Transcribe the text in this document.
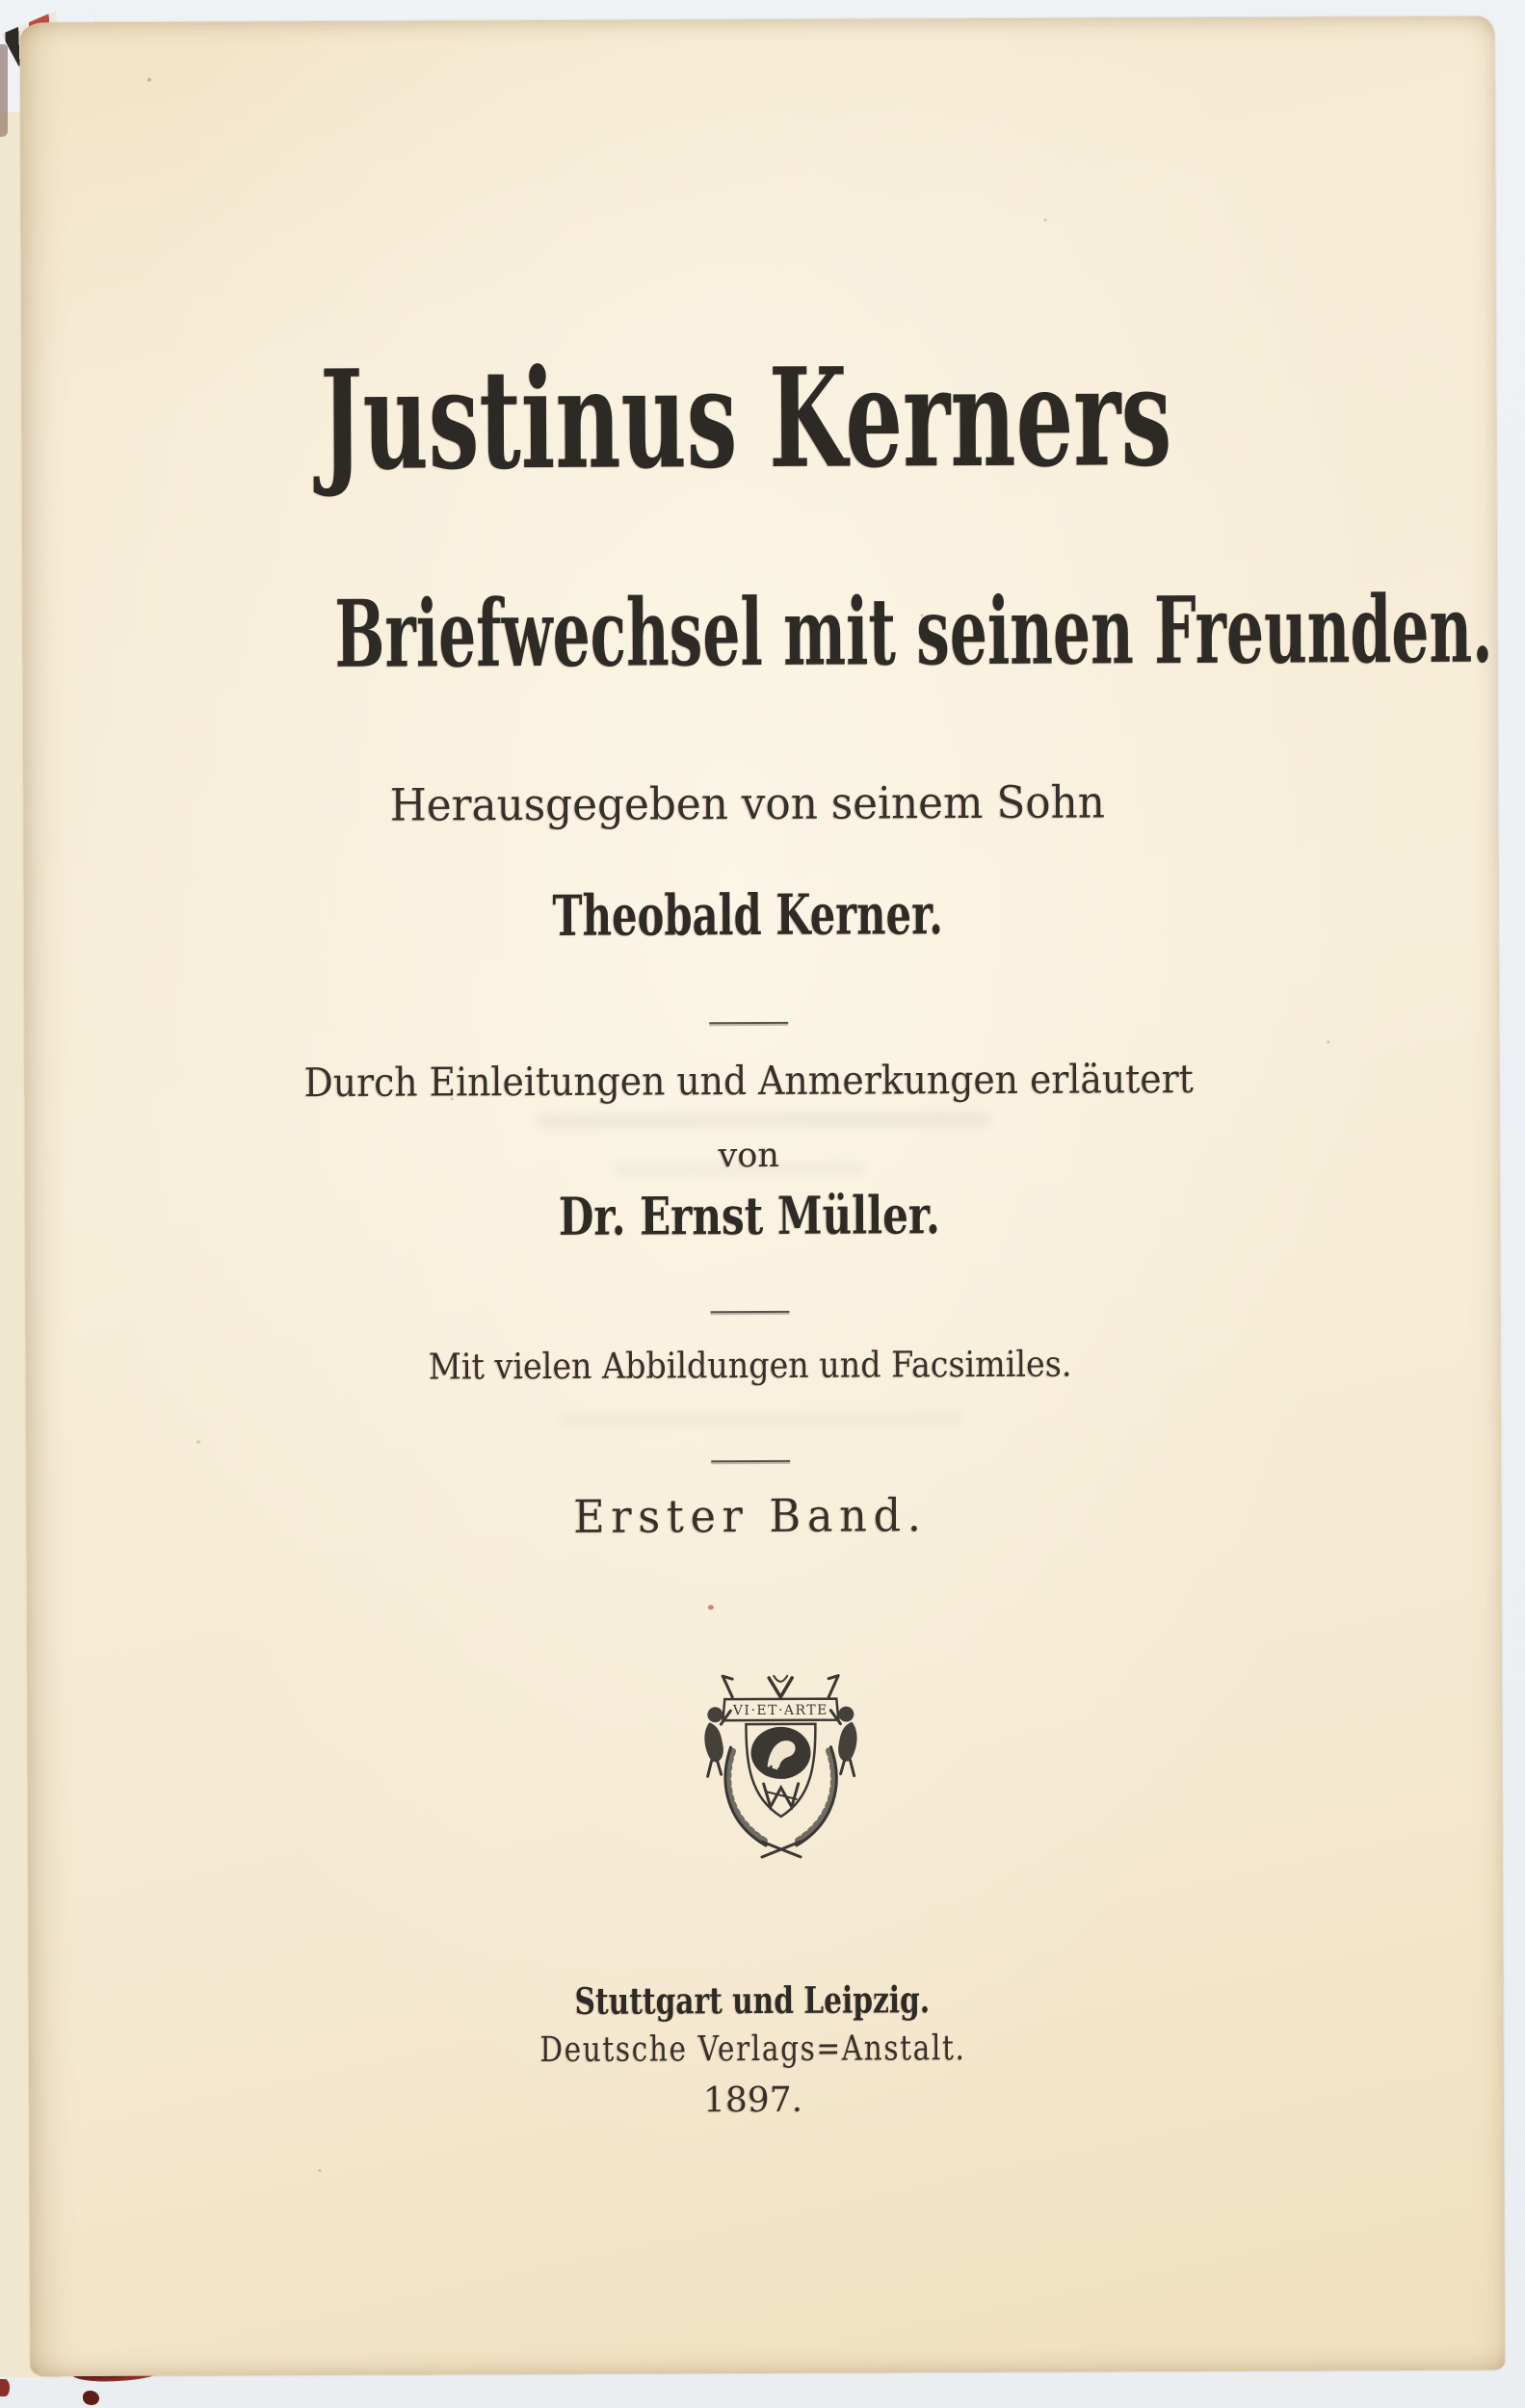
Justinus Kerners
Briefwechsel mit seinen Freunden.
Herausgegeben von seinem Sohn
Theobald Kerner.
Durch Einleitungen und Anmerkungen erläutert
von
Dr. Ernst Müller.
Mit vielen Abbildungen und Facsimiles.
Erster Band.
VI·ET·ARTE
Stuttgart und Leipzig.
Deutsche Verlags=Anstalt.
1897.
